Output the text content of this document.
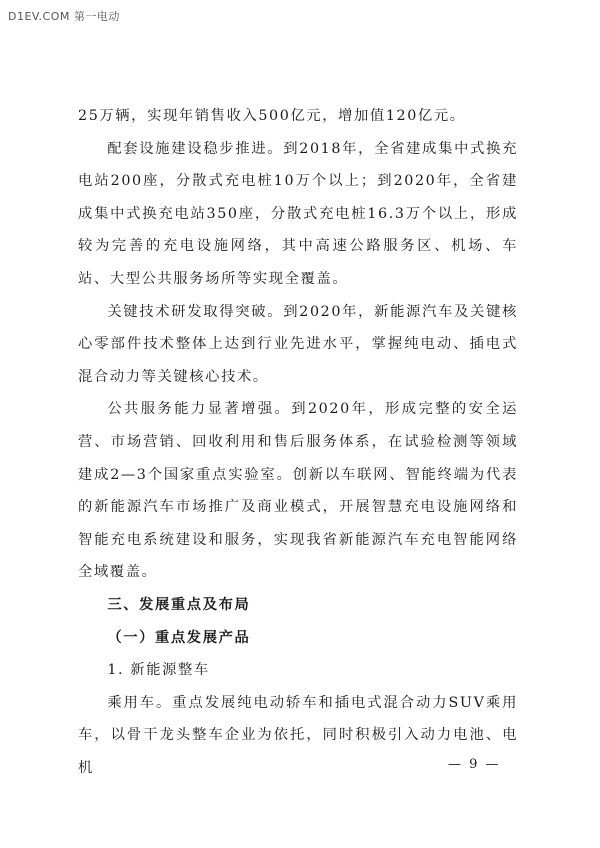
D1EV.COM 第一电动

25万辆，实现年销售收入500亿元，增加值120亿元。

配套设施建设稳步推进。到2018年，全省建成集中式换充电站200座，分散式充电桩10万个以上；到2020年，全省建成集中式换充电站350座，分散式充电桩16.3万个以上，形成较为完善的充电设施网络，其中高速公路服务区、机场、车站、大型公共服务场所等实现全覆盖。

关键技术研发取得突破。到2020年，新能源汽车及关键核心零部件技术整体上达到行业先进水平，掌握纯电动、插电式混合动力等关键核心技术。

公共服务能力显著增强。到2020年，形成完整的安全运营、市场营销、回收利用和售后服务体系，在试验检测等领域建成2—3个国家重点实验室。创新以车联网、智能终端为代表的新能源汽车市场推广及商业模式，开展智慧充电设施网络和智能充电系统建设和服务，实现我省新能源汽车充电智能网络全域覆盖。

三、发展重点及布局

（一）重点发展产品

1. 新能源整车

乘用车。重点发展纯电动轿车和插电式混合动力SUV乘用车，以骨干龙头整车企业为依托，同时积极引入动力电池、电机	— 9 —
